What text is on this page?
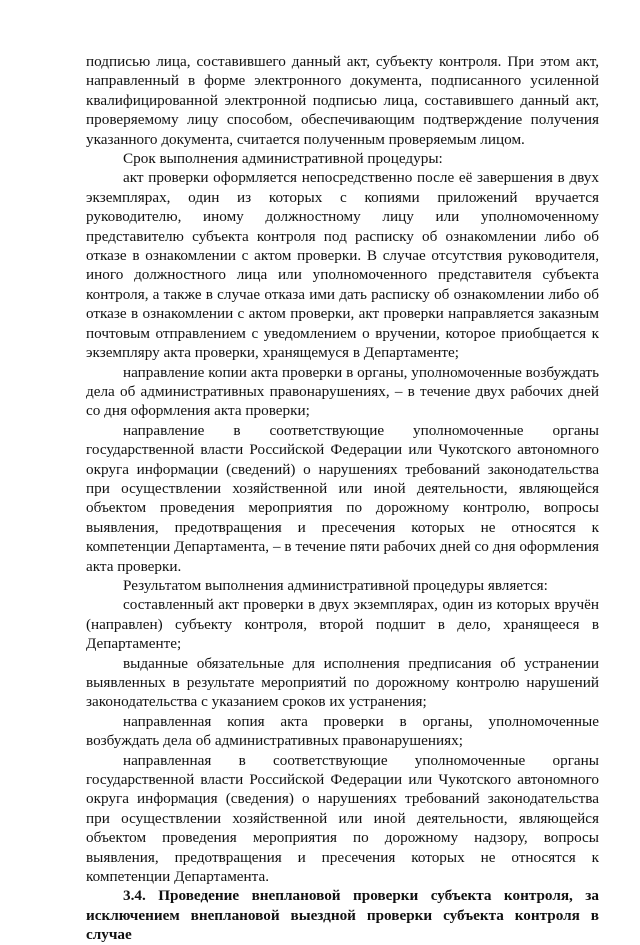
подписью лица, составившего данный акт, субъекту контроля. При этом акт, направленный в форме электронного документа, подписанного усиленной квалифицированной электронной подписью лица, составившего данный акт, проверяемому лицу способом, обеспечивающим подтверждение получения указанного документа, считается полученным проверяемым лицом.

Срок выполнения административной процедуры:

акт проверки оформляется непосредственно после её завершения в двух экземплярах, один из которых с копиями приложений вручается руководителю, иному должностному лицу или уполномоченному представителю субъекта контроля под расписку об ознакомлении либо об отказе в ознакомлении с актом проверки. В случае отсутствия руководителя, иного должностного лица или уполномоченного представителя субъекта контроля, а также в случае отказа ими дать расписку об ознакомлении либо об отказе в ознакомлении с актом проверки, акт проверки направляется заказным почтовым отправлением с уведомлением о вручении, которое приобщается к экземпляру акта проверки, хранящемуся в Департаменте;

направление копии акта проверки в органы, уполномоченные возбуждать дела об административных правонарушениях, – в течение двух рабочих дней со дня оформления акта проверки;

направление в соответствующие уполномоченные органы государственной власти Российской Федерации или Чукотского автономного округа информации (сведений) о нарушениях требований законодательства при осуществлении хозяйственной или иной деятельности, являющейся объектом проведения мероприятия по дорожному контролю, вопросы выявления, предотвращения и пресечения которых не относятся к компетенции Департамента, – в течение пяти рабочих дней со дня оформления акта проверки.

Результатом выполнения административной процедуры является:

составленный акт проверки в двух экземплярах, один из которых вручён (направлен) субъекту контроля, второй подшит в дело, хранящееся в Департаменте;

выданные обязательные для исполнения предписания об устранении выявленных в результате мероприятий по дорожному контролю нарушений законодательства с указанием сроков их устранения;

направленная копия акта проверки в органы, уполномоченные возбуждать дела об административных правонарушениях;

направленная в соответствующие уполномоченные органы государственной власти Российской Федерации или Чукотского автономного округа информация (сведения) о нарушениях требований законодательства при осуществлении хозяйственной или иной деятельности, являющейся объектом проведения мероприятия по дорожному надзору, вопросы выявления, предотвращения и пресечения которых не относятся к компетенции Департамента.

3.4. Проведение внеплановой проверки субъекта контроля, за исключением внеплановой выездной проверки субъекта контроля в случае
